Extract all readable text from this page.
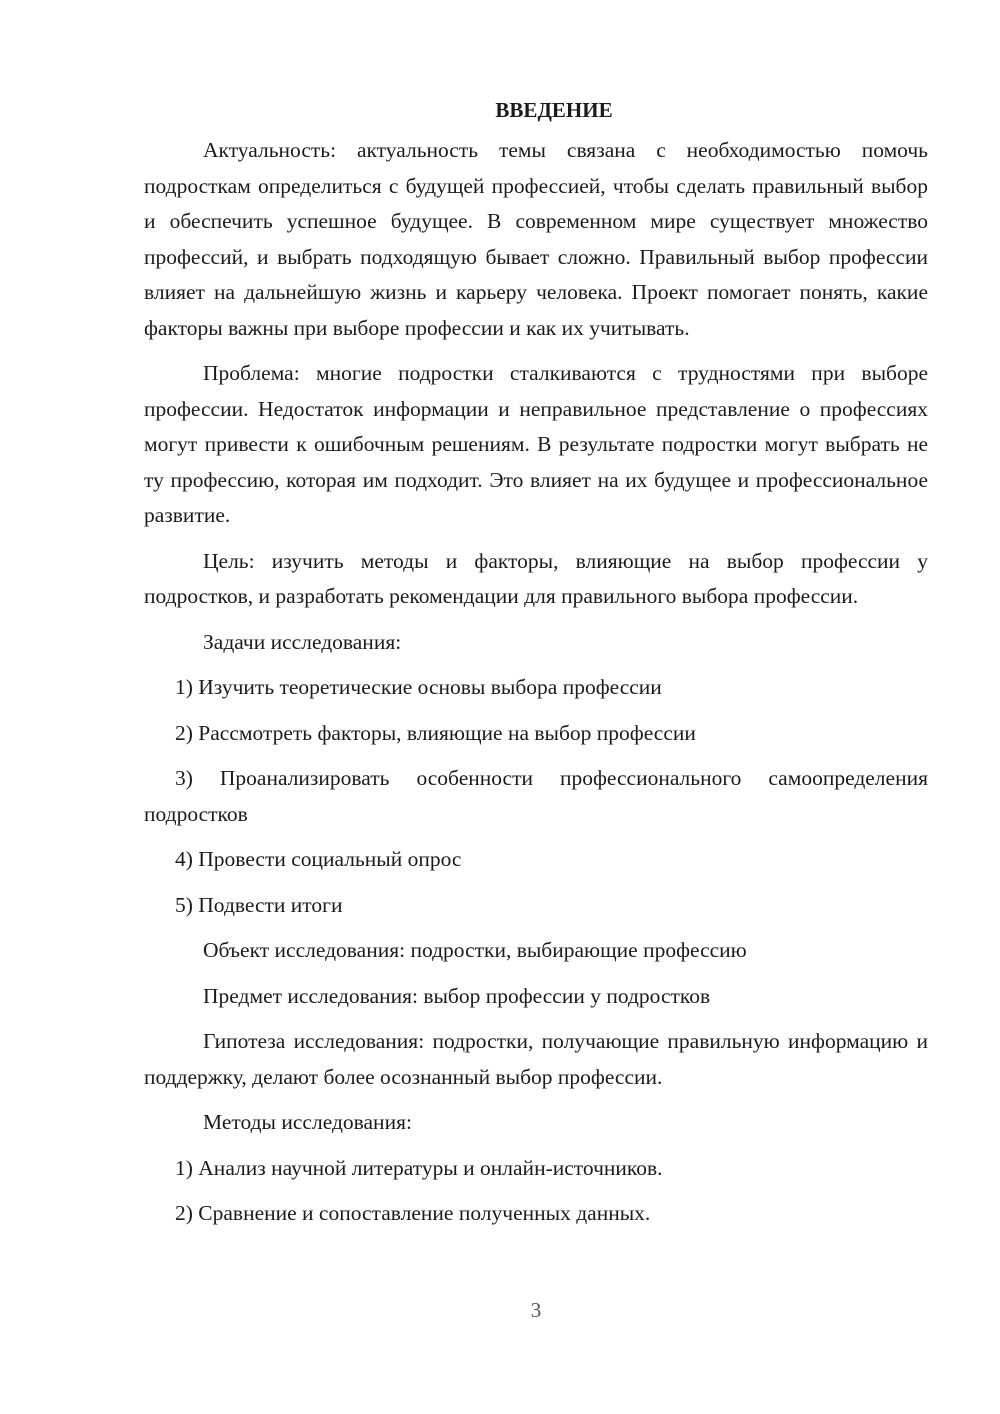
ВВЕДЕНИЕ
Актуальность: актуальность темы связана с необходимостью помочь подросткам определиться с будущей профессией, чтобы сделать правильный выбор и обеспечить успешное будущее. В современном мире существует множество профессий, и выбрать подходящую бывает сложно. Правильный выбор профессии влияет на дальнейшую жизнь и карьеру человека. Проект помогает понять, какие факторы важны при выборе профессии и как их учитывать.
Проблема: многие подростки сталкиваются с трудностями при выборе профессии. Недостаток информации и неправильное представление о профессиях могут привести к ошибочным решениям. В результате подростки могут выбрать не ту профессию, которая им подходит. Это влияет на их будущее и профессиональное развитие.
Цель: изучить методы и факторы, влияющие на выбор профессии у подростков, и разработать рекомендации для правильного выбора профессии.
Задачи исследования:
1) Изучить теоретические основы выбора профессии
2) Рассмотреть факторы, влияющие на выбор профессии
3) Проанализировать особенности профессионального самоопределения подростков
4) Провести социальный опрос
5) Подвести итоги
Объект исследования: подростки, выбирающие профессию
Предмет исследования: выбор профессии у подростков
Гипотеза исследования: подростки, получающие правильную информацию и поддержку, делают более осознанный выбор профессии.
Методы исследования:
1) Анализ научной литературы и онлайн-источников.
2) Сравнение и сопоставление полученных данных.
3
